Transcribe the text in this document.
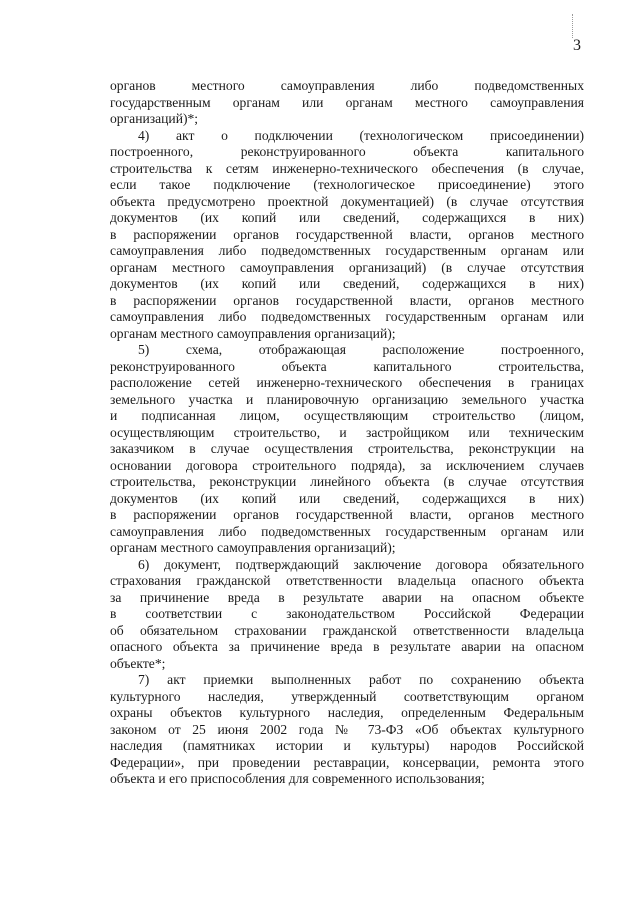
3
органов местного самоуправления либо подведомственных
государственным органам или органам местного самоуправления
организаций)*;
4) акт о подключении (технологическом присоединении)
построенного, реконструированного объекта капитального
строительства к сетям инженерно-технического обеспечения (в случае,
если такое подключение (технологическое присоединение) этого
объекта предусмотрено проектной документацией) (в случае отсутствия
документов (их копий или сведений, содержащихся в них)
в распоряжении органов государственной власти, органов местного
самоуправления либо подведомственных государственным органам или
органам местного самоуправления организаций) (в случае отсутствия
документов (их копий или сведений, содержащихся в них)
в распоряжении органов государственной власти, органов местного
самоуправления либо подведомственных государственным органам или
органам местного самоуправления организаций);
5) схема, отображающая расположение построенного,
реконструированного объекта капитального строительства,
расположение сетей инженерно-технического обеспечения в границах
земельного участка и планировочную организацию земельного участка
и подписанная лицом, осуществляющим строительство (лицом,
осуществляющим строительство, и застройщиком или техническим
заказчиком в случае осуществления строительства, реконструкции на
основании договора строительного подряда), за исключением случаев
строительства, реконструкции линейного объекта (в случае отсутствия
документов (их копий или сведений, содержащихся в них)
в распоряжении органов государственной власти, органов местного
самоуправления либо подведомственных государственным органам или
органам местного самоуправления организаций);
6) документ, подтверждающий заключение договора обязательного
страхования гражданской ответственности владельца опасного объекта
за причинение вреда в результате аварии на опасном объекте
в соответствии с законодательством Российской Федерации
об обязательном страховании гражданской ответственности владельца
опасного объекта за причинение вреда в результате аварии на опасном
объекте*;
7) акт приемки выполненных работ по сохранению объекта
культурного наследия, утвержденный соответствующим органом
охраны объектов культурного наследия, определенным Федеральным
законом от 25 июня 2002 года № 73-ФЗ «Об объектах культурного
наследия (памятниках истории и культуры) народов Российской
Федерации», при проведении реставрации, консервации, ремонта этого
объекта и его приспособления для современного использования;
